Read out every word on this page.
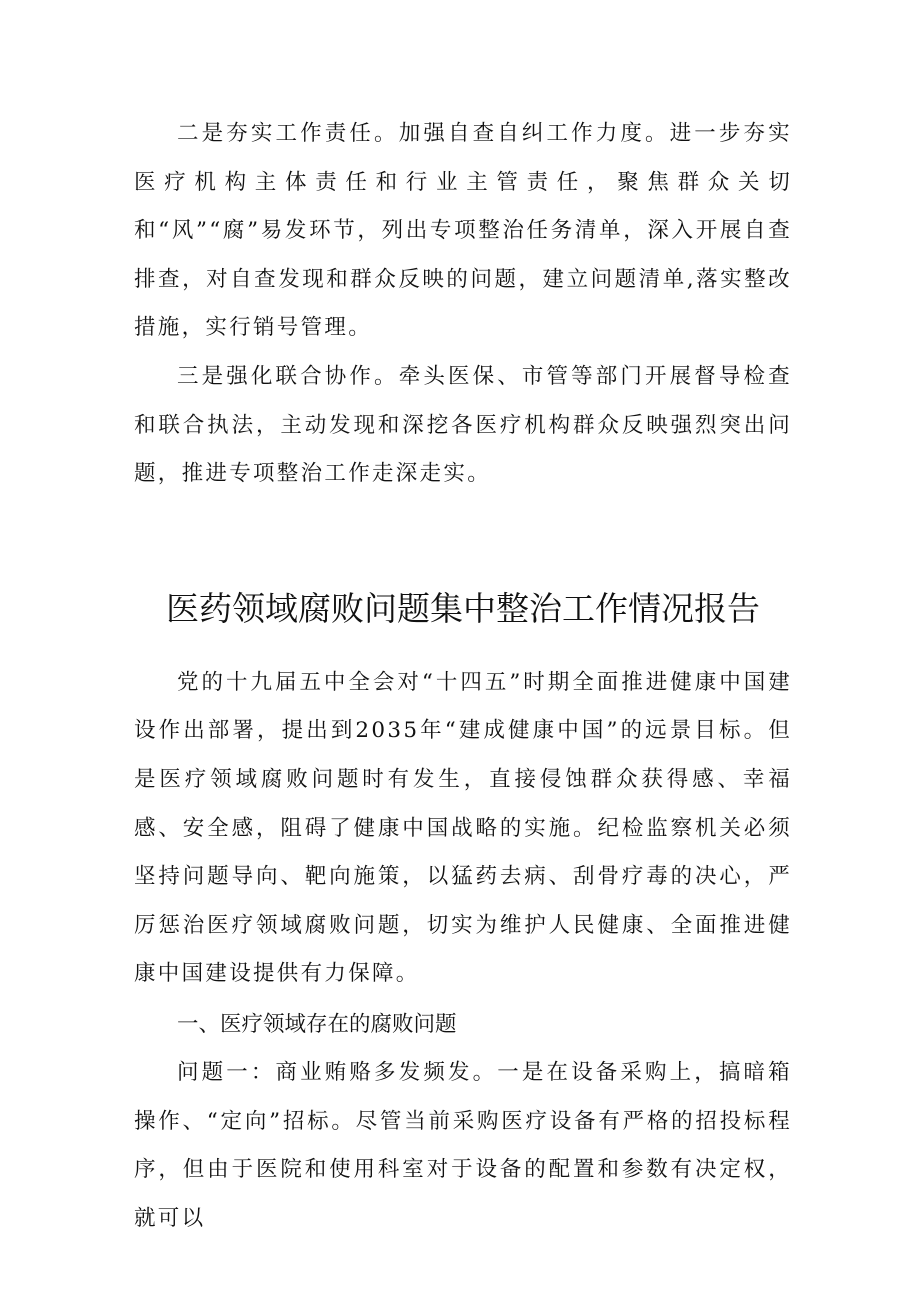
二是夯实工作责任。加强自查自纠工作力度。进一步夯实医疗机构主体责任和行业主管责任，聚焦群众关切和“风”“腐”易发环节，列出专项整治任务清单，深入开展自查排查，对自查发现和群众反映的问题，建立问题清单,落实整改措施，实行销号管理。

三是强化联合协作。牵头医保、市管等部门开展督导检查和联合执法，主动发现和深挖各医疗机构群众反映强烈突出问题，推进专项整治工作走深走实。

医药领域腐败问题集中整治工作情况报告

党的十九届五中全会对“十四五”时期全面推进健康中国建设作出部署，提出到2035年“建成健康中国”的远景目标。但是医疗领域腐败问题时有发生，直接侵蚀群众获得感、幸福感、安全感，阻碍了健康中国战略的实施。纪检监察机关必须坚持问题导向、靶向施策，以猛药去病、刮骨疗毒的决心，严厉惩治医疗领域腐败问题，切实为维护人民健康、全面推进健康中国建设提供有力保障。

一、医疗领域存在的腐败问题

问题一：商业贿赂多发频发。一是在设备采购上，搞暗箱操作、“定向”招标。尽管当前采购医疗设备有严格的招投标程序，但由于医院和使用科室对于设备的配置和参数有决定权，就可以
